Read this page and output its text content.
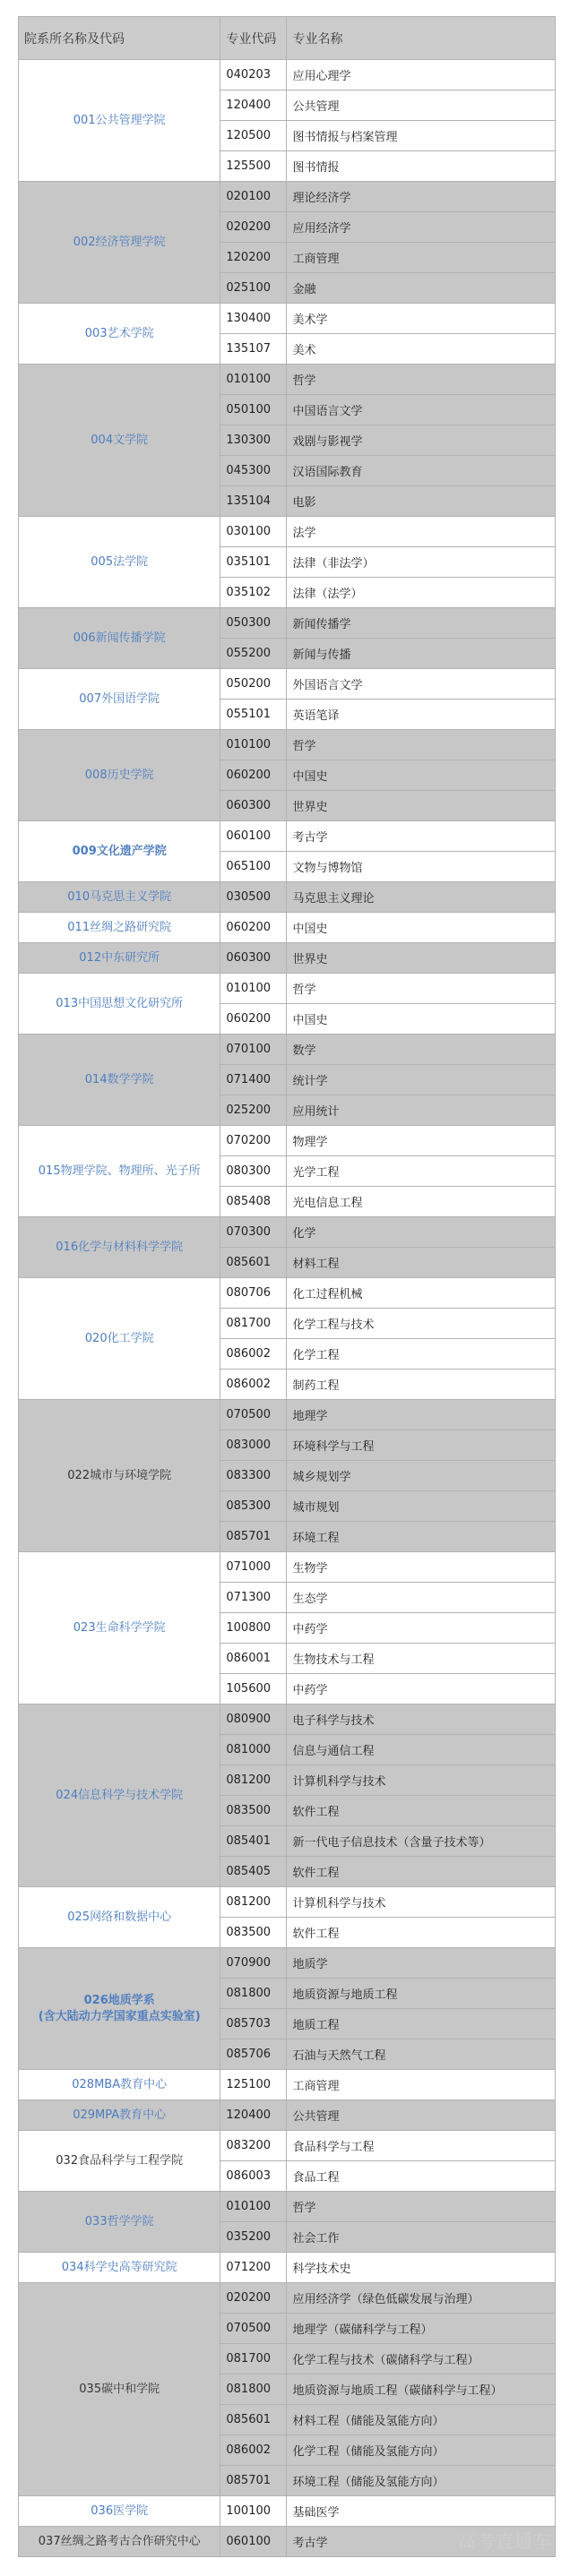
院系所名称及代码	专业代码	专业名称
001公共管理学院	040203	应用心理学
	120400	公共管理
	120500	图书情报与档案管理
	125500	图书情报
002经济管理学院	020100	理论经济学
	020200	应用经济学
	120200	工商管理
	025100	金融
003艺术学院	130400	美术学
	135107	美术
004文学院	010100	哲学
	050100	中国语言文学
	130300	戏剧与影视学
	045300	汉语国际教育
	135104	电影
005法学院	030100	法学
	035101	法律（非法学）
	035102	法律（法学）
006新闻传播学院	050300	新闻传播学
	055200	新闻与传播
007外国语学院	050200	外国语言文学
	055101	英语笔译
008历史学院	010100	哲学
	060200	中国史
	060300	世界史
009文化遗产学院	060100	考古学
	065100	文物与博物馆
010马克思主义学院	030500	马克思主义理论
011丝绸之路研究院	060200	中国史
012中东研究所	060300	世界史
013中国思想文化研究所	010100	哲学
	060200	中国史
014数学学院	070100	数学
	071400	统计学
	025200	应用统计
015物理学院、物理所、光子所	070200	物理学
	080300	光学工程
	085408	光电信息工程
016化学与材料科学学院	070300	化学
	085601	材料工程
020化工学院	080706	化工过程机械
	081700	化学工程与技术
	086002	化学工程
	086002	制药工程
022城市与环境学院	070500	地理学
	083000	环境科学与工程
	083300	城乡规划学
	085300	城市规划
	085701	环境工程
023生命科学学院	071000	生物学
	071300	生态学
	100800	中药学
	086001	生物技术与工程
	105600	中药学
024信息科学与技术学院	080900	电子科学与技术
	081000	信息与通信工程
	081200	计算机科学与技术
	083500	软件工程
	085401	新一代电子信息技术（含量子技术等）
	085405	软件工程
025网络和数据中心	081200	计算机科学与技术
	083500	软件工程
026地质学系
(含大陆动力学国家重点实验室)	070900	地质学
	081800	地质资源与地质工程
	085703	地质工程
	085706	石油与天然气工程
028MBA教育中心	125100	工商管理
029MPA教育中心	120400	公共管理
032食品科学与工程学院	083200	食品科学与工程
	086003	食品工程
033哲学学院	010100	哲学
	035200	社会工作
034科学史高等研究院	071200	科学技术史
035碳中和学院	020200	应用经济学（绿色低碳发展与治理）
	070500	地理学（碳储科学与工程）
	081700	化学工程与技术（碳储科学与工程）
	081800	地质资源与地质工程（碳储科学与工程）
	085601	材料工程（储能及氢能方向）
	086002	化学工程（储能及氢能方向）
	085701	环境工程（储能及氢能方向）
036医学院	100100	基础医学
037丝绸之路考古合作研究中心	060100	考古学	高考直通车
